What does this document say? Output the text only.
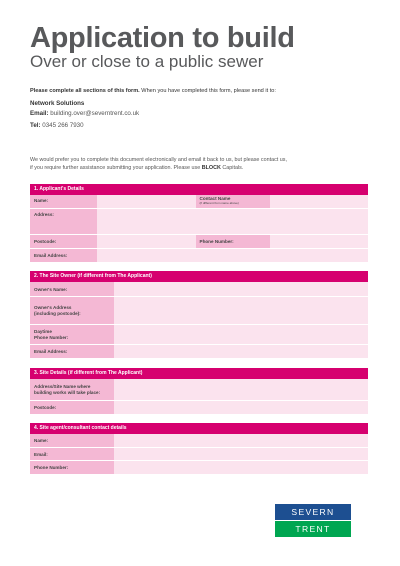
Application to build
Over or close to a public sewer
Please complete all sections of this form. When you have completed this form, please send it to:
Network Solutions
Email: building.over@severntrent.co.uk
Tel: 0345 266 7930
We would prefer you to complete this document electronically and email it back to us, but please contact us,
if you require further assistance submitting your application. Please use BLOCK Capitals.
1. Applicant's Details
Name:	Contact Name
(if different from name above)
Address:
Postcode:	Phone Number:
Email Address:
2. The Site Owner (if different from The Applicant)
Owner's Name:
Owner's Address
(including postcode):
Daytime
Phone Number:
Email Address:
3. Site Details (if different from The Applicant)
Address/Site Name where
building works will take place:
Postcode:
4. Site agent/consultant contact details
Name:
Email:
Phone Number:
SEVERN
TRENT
